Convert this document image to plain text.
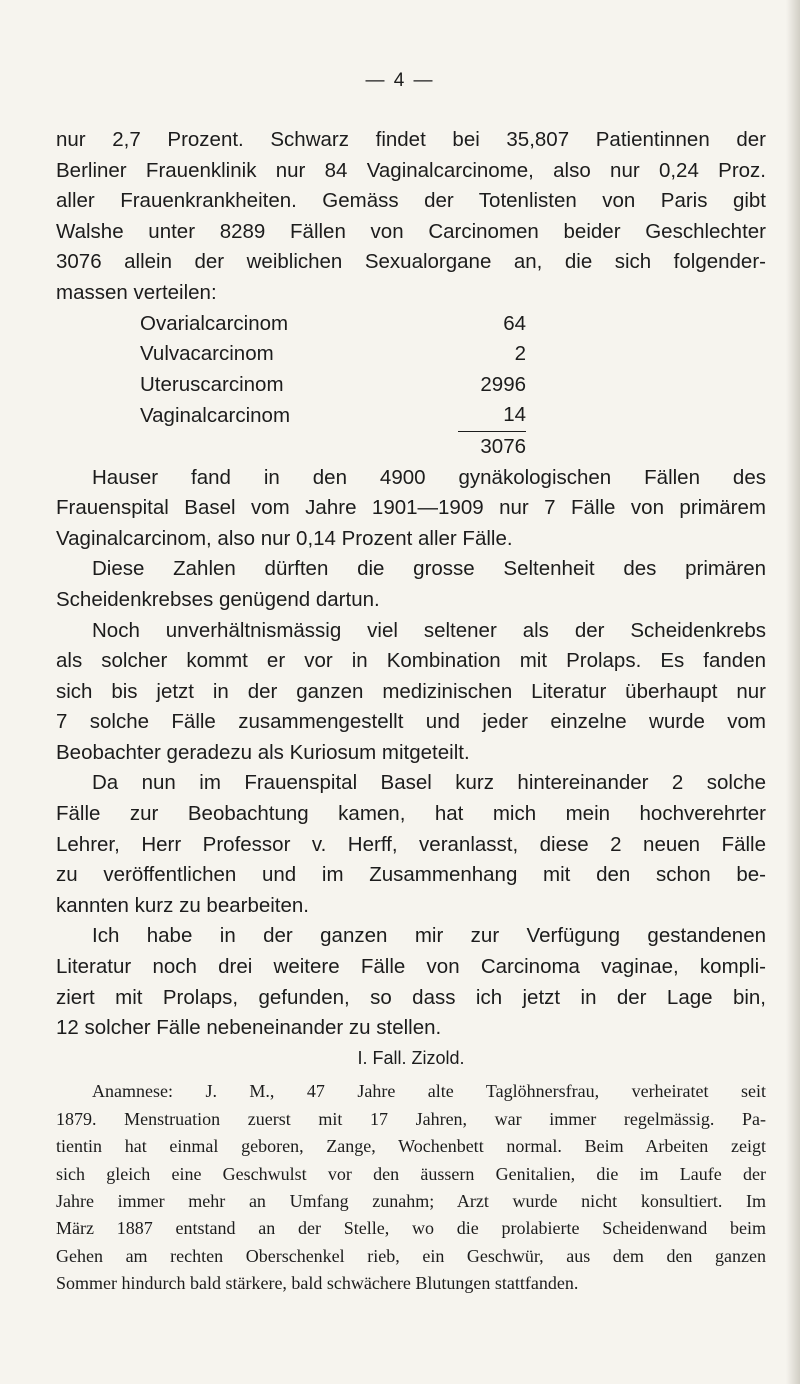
— 4 —
nur 2,7 Prozent. Schwarz findet bei 35,807 Patientinnen der
Berliner Frauenklinik nur 84 Vaginalcarcinome, also nur 0,24 Proz.
aller Frauenkrankheiten. Gemäss der Totenlisten von Paris gibt
Walshe unter 8289 Fällen von Carcinomen beider Geschlechter
3076 allein der weiblichen Sexualorgane an, die sich folgender-
massen verteilen:
Ovarialcarcinom	64
Vulvacarcinom	2
Uteruscarcinom	2996
Vaginalcarcinom	14
	3076
Hauser fand in den 4900 gynäkologischen Fällen des
Frauenspital Basel vom Jahre 1901—1909 nur 7 Fälle von primärem
Vaginalcarcinom, also nur 0,14 Prozent aller Fälle.
Diese Zahlen dürften die grosse Seltenheit des primären
Scheidenkrebses genügend dartun.
Noch unverhältnismässig viel seltener als der Scheidenkrebs
als solcher kommt er vor in Kombination mit Prolaps. Es fanden
sich bis jetzt in der ganzen medizinischen Literatur überhaupt nur
7 solche Fälle zusammengestellt und jeder einzelne wurde vom
Beobachter geradezu als Kuriosum mitgeteilt.
Da nun im Frauenspital Basel kurz hintereinander 2 solche
Fälle zur Beobachtung kamen, hat mich mein hochverehrter
Lehrer, Herr Professor v. Herff, veranlasst, diese 2 neuen Fälle
zu veröffentlichen und im Zusammenhang mit den schon be-
kannten kurz zu bearbeiten.
Ich habe in der ganzen mir zur Verfügung gestandenen
Literatur noch drei weitere Fälle von Carcinoma vaginae, kompli-
ziert mit Prolaps, gefunden, so dass ich jetzt in der Lage bin,
12 solcher Fälle nebeneinander zu stellen.
I. Fall. Zizold.
Anamnese: J. M., 47 Jahre alte Taglöhnersfrau, verheiratet seit
1879. Menstruation zuerst mit 17 Jahren, war immer regelmässig. Pa-
tientin hat einmal geboren, Zange, Wochenbett normal. Beim Arbeiten zeigt
sich gleich eine Geschwulst vor den äussern Genitalien, die im Laufe der
Jahre immer mehr an Umfang zunahm; Arzt wurde nicht konsultiert. Im
März 1887 entstand an der Stelle, wo die prolabierte Scheidenwand beim
Gehen am rechten Oberschenkel rieb, ein Geschwür, aus dem den ganzen
Sommer hindurch bald stärkere, bald schwächere Blutungen stattfanden.
